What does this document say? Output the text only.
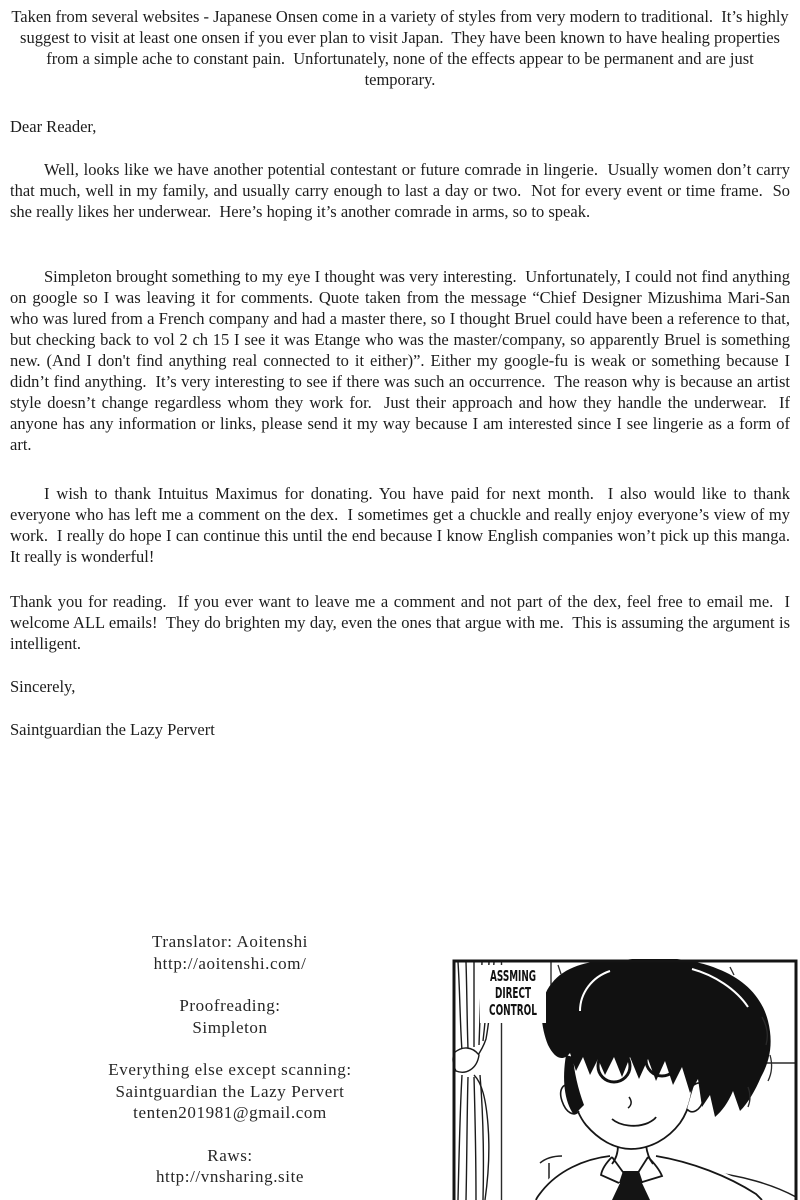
Taken from several websites - Japanese Onsen come in a variety of styles from very modern to traditional.  It’s highly suggest to visit at least one onsen if you ever plan to visit Japan.  They have been known to have healing properties from a simple ache to constant pain.  Unfortunately, none of the effects appear to be permanent and are just temporary.

Dear Reader,

Well, looks like we have another potential contestant or future comrade in lingerie.  Usually women don’t carry that much, well in my family, and usually carry enough to last a day or two.  Not for every event or time frame.  So she really likes her underwear.  Here’s hoping it’s another comrade in arms, so to speak.

Simpleton brought something to my eye I thought was very interesting.  Unfortunately, I could not find anything on google so I was leaving it for comments. Quote taken from the message “Chief Designer Mizushima Mari-San who was lured from a French company and had a master there, so I thought Bruel could have been a reference to that, but checking back to vol 2 ch 15 I see it was Etange who was the master/company, so apparently Bruel is something new. (And I don't find anything real connected to it either)”. Either my google-fu is weak or something because I didn’t find anything.  It’s very interesting to see if there was such an occurrence.  The reason why is because an artist style doesn’t change regardless whom they work for.  Just their approach and how they handle the underwear.  If anyone has any information or links, please send it my way because I am interested since I see lingerie as a form of art.

I wish to thank Intuitus Maximus for donating. You have paid for next month.  I also would like to thank everyone who has left me a comment on the dex.  I sometimes get a chuckle and really enjoy everyone’s view of my work.  I really do hope I can continue this until the end because I know English companies won’t pick up this manga.  It really is wonderful!

Thank you for reading.  If you ever want to leave me a comment and not part of the dex, feel free to email me.  I welcome ALL emails!  They do brighten my day, even the ones that argue with me.  This is assuming the argument is intelligent.

Sincerely,

Saintguardian the Lazy Pervert

Translator: Aoitenshi
http://aoitenshi.com/
Proofreading:
Simpleton
Everything else except scanning:
Saintguardian the Lazy Pervert
tenten201981@gmail.com
Raws:
http://vnsharing.site
ASSMING
DIRECT
CONTROL
